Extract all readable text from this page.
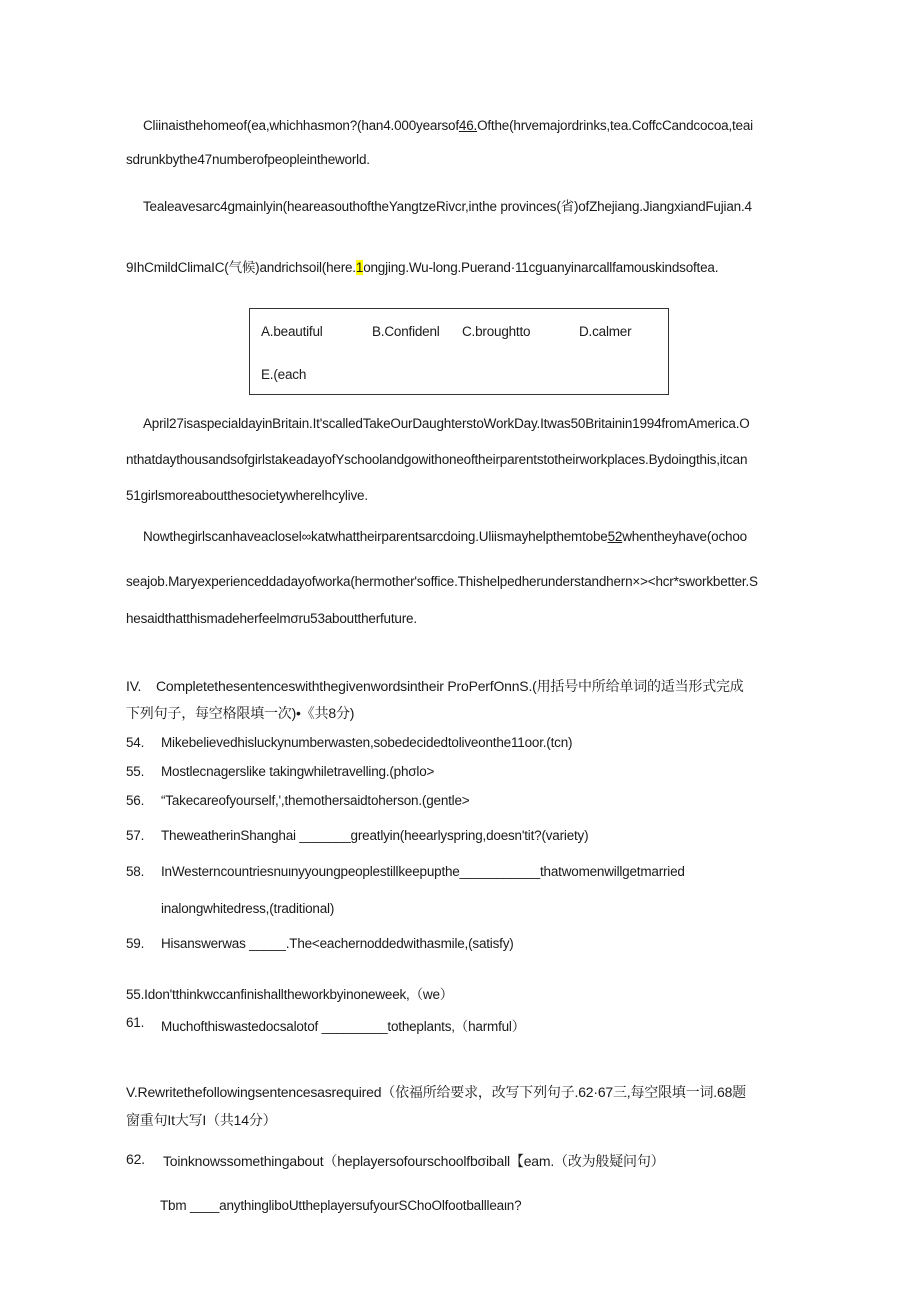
Cliinaisthehomeof(ea,whichhasmon?(han4.000yearsof46.Ofthe(hrvemajordrinks,tea.CoffcCandcocoa,teai
sdrunkbythe47numberofpeopleintheworld.
Tealeavesarc4gmainlyin(heareasouthoftheYangtzeRivcr,inthe provinces(省)ofZhejiang.JiangxiandFujian.4
9IhCmildClimaIC(气候)andrichsoil(here.1ongjing.Wu-long.Puerand·11cguanyinarcallfamouskindsoftea.
A.beautiful	B.Confidenl C.broughtto	D.calmer
E.(each
April27isaspecialdayinBritain.It'scalledTakeOurDaughterstoWorkDay.Itwas50Britainin1994fromAmerica.O
nthatdaythousandsofgirlstakeadayofYschoolandgowithoneoftheirparentstotheirworkplaces.Bydoingthis,itcan
51girlsmoreaboutthesocietywherelhcylive.
Nowthegirlscanhaveaclosel∞katwhattheirparentsarcdoing.Uliismayhelpthemtobe52whentheyhave(ochoo
seajob.Maryexperienceddadayofworka(hermother'soffice.Thishelpedherunderstandhern×><hcr*sworkbetter.S
hesaidthatthismadeherfeelmσru53abouttherfuture.
IV.    Completethesentenceswiththegivenwordsintheir ProPerfOnnS.(用括号中所给单词的适当形式完成
下列句子，每空格限填一次)•《共8分)
54. Mikebelievedhisluckynumberwasten,sobedecidedtoliveonthe11oor.(tcn)
55. Mostlecnagerslike takingwhiletravelling.(phσlo>
56. “Takecareofyourself,',themothersaidtoherson.(gentle>
57. TheweatherinShanghai _______greatlyin(heearlyspring,doesn'tit?(variety)
58. InWesterncountriesnuιnyyoungpeoplestillkeepupthe___________thatwomenwillgetmarried
inalongwhitedress,(traditional)
59. Hisanswerwas _____.The<eachernoddedwithasmile,(satisfy)
55.Idon'tthinkwccanfinishalltheworkbyinoneweek,（we）
61. Muchofthiswastedocsalotof _________totheplants,（harmful）
V.Rewritethefollowingsentencesasrequired（依福所给要求，改写下列句子.62·67三,每空限填一词.68题
窗重句It大写I（共14分）
62. Toinknowssomethingabout（heplayersofourschoolfbσiball【eam.（改为般疑问句）
Tbm ____anythinglibοUttheplayersufyourSChoOlfootballleaιn?
